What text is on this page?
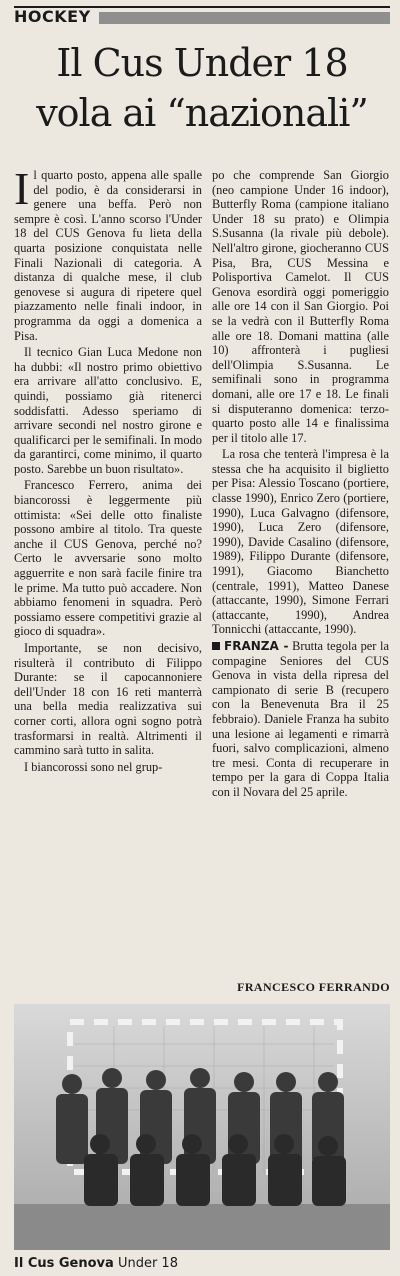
HOCKEY
Il Cus Under 18
vola ai “nazionali”

Il quarto posto, appena alle spalle del podio, è da considerarsi in genere una beffa. Però non sempre è così. L'anno scorso l'Under 18 del CUS Genova fu lieta della quarta posizione conquistata nelle Finali Nazionali di categoria. A distanza di qualche mese, il club genovese si augura di ripetere quel piazzamento nelle finali indoor, in programma da oggi a domenica a Pisa.

Il tecnico Gian Luca Medone non ha dubbi: «Il nostro primo obiettivo era arrivare all'atto conclusivo. E, quindi, possiamo già ritenerci soddisfatti. Adesso speriamo di arrivare secondi nel nostro girone e qualificarci per le semifinali. In modo da garantirci, come minimo, il quarto posto. Sarebbe un buon risultato».

Francesco Ferrero, anima dei biancorossi è leggermente più ottimista: «Sei delle otto finaliste possono ambire al titolo. Tra queste anche il CUS Genova, perché no? Certo le avversarie sono molto agguerrite e non sarà facile finire tra le prime. Ma tutto può accadere. Non abbiamo fenomeni in squadra. Però possiamo essere competitivi grazie al gioco di squadra».

Importante, se non decisivo, risulterà il contributo di Filippo Durante: se il capocannoniere dell'Under 18 con 16 reti manterrà una bella media realizzativa sui corner corti, allora ogni sogno potrà trasformarsi in realtà. Altrimenti il cammino sarà tutto in salita.

I biancorossi sono nel grup-

po che comprende San Giorgio (neo campione Under 16 indoor), Butterfly Roma (campione italiano Under 18 su prato) e Olimpia S.Susanna (la rivale più debole). Nell'altro girone, giocheranno CUS Pisa, Bra, CUS Messina e Polisportiva Camelot. Il CUS Genova esordirà oggi pomeriggio alle ore 14 con il San Giorgio. Poi se la vedrà con il Butterfly Roma alle ore 18. Domani mattina (alle 10) affronterà i pugliesi dell'Olimpia S.Susanna. Le semifinali sono in programma domani, alle ore 17 e 18. Le finali si disputeranno domenica: terzo-quarto posto alle 14 e finalissima per il titolo alle 17.

La rosa che tenterà l'impresa è la stessa che ha acquisito il biglietto per Pisa: Alessio Toscano (portiere, classe 1990), Enrico Zero (portiere, 1990), Luca Galvagno (difensore, 1990), Luca Zero (difensore, 1990), Davide Casalino (difensore, 1989), Filippo Durante (difensore, 1991), Giacomo Bianchetto (centrale, 1991), Matteo Danese (attaccante, 1990), Simone Ferrari (attaccante, 1990), Andrea Tonnicchi (attaccante, 1990).

FRANZA - Brutta tegola per la compagine Seniores del CUS Genova in vista della ripresa del campionato di serie B (recupero con la Benevenuta Bra il 25 febbraio). Daniele Franza ha subito una lesione ai legamenti e rimarrà fuori, salvo complicazioni, almeno tre mesi. Conta di recuperare in tempo per la gara di Coppa Italia con il Novara del 25 aprile.

FRANCESCO FERRANDO
Il Cus Genova Under 18
